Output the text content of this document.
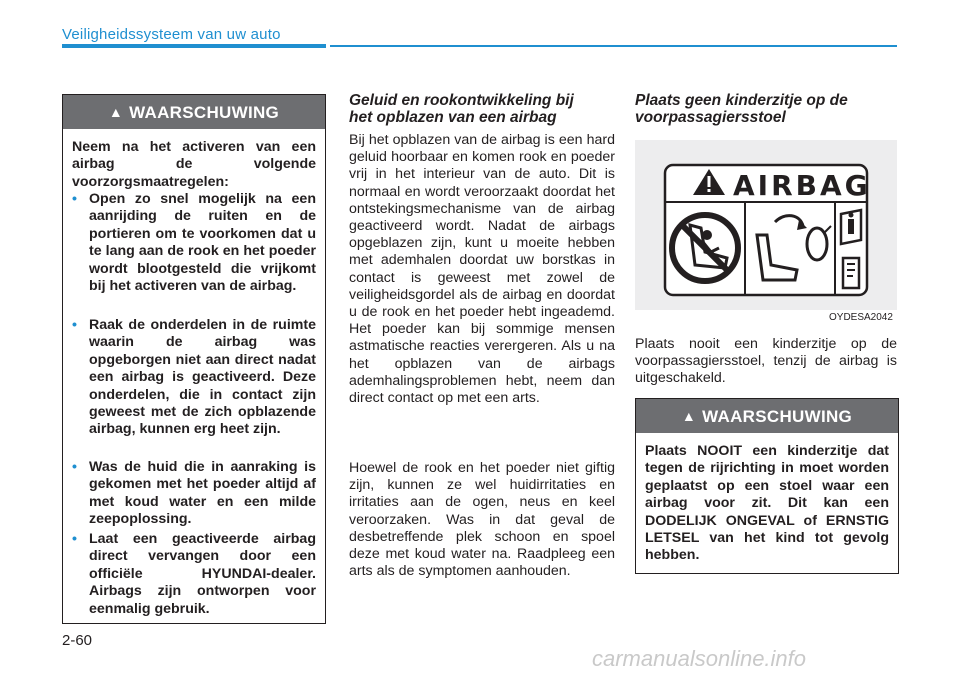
Veiligheidssysteem van uw auto
▲ WAARSCHUWING
Neem na het activeren van een airbag de volgende voorzorgsmaatregelen:
• Open zo snel mogelijk na een aanrijding de ruiten en de portieren om te voorkomen dat u te lang aan de rook en het poeder wordt blootgesteld die vrijkomt bij het activeren van de airbag.
• Raak de onderdelen in de ruimte waarin de airbag was opgeborgen niet aan direct nadat een airbag is geactiveerd. Deze onderdelen, die in contact zijn geweest met de zich opblazende airbag, kunnen erg heet zijn.
• Was de huid die in aanraking is gekomen met het poeder altijd af met koud water en een milde zeepoplossing.
• Laat een geactiveerde airbag direct vervangen door een officiële HYUNDAI-dealer. Airbags zijn ontworpen voor eenmalig gebruik.
Geluid en rookontwikkeling bij het opblazen van een airbag
Bij het opblazen van de airbag is een hard geluid hoorbaar en komen rook en poeder vrij in het interieur van de auto. Dit is normaal en wordt veroorzaakt doordat het ontstekingsmechanisme van de airbag geactiveerd wordt. Nadat de airbags opgeblazen zijn, kunt u moeite hebben met ademhalen doordat uw borstkas in contact is geweest met zowel de veiligheidsgordel als de airbag en doordat u de rook en het poeder hebt ingeademd. Het poeder kan bij sommige mensen astmatische reacties verergeren. Als u na het opblazen van de airbags ademhalingsproblemen hebt, neem dan direct contact op met een arts.
Hoewel de rook en het poeder niet giftig zijn, kunnen ze wel huidirritaties en irritaties aan de ogen, neus en keel veroorzaken. Was in dat geval de desbetreffende plek schoon en spoel deze met koud water na. Raadpleeg een arts als de symptomen aanhouden.
Plaats geen kinderzitje op de voorpassagiersstoel
AIRBAG
OYDESA2042
Plaats nooit een kinderzitje op de voorpassagiersstoel, tenzij de airbag is uitgeschakeld.
▲ WAARSCHUWING
Plaats NOOIT een kinderzitje dat tegen de rijrichting in moet worden geplaatst op een stoel waar een airbag voor zit. Dit kan een DODELIJK ONGEVAL of ERNSTIG LETSEL van het kind tot gevolg hebben.
2-60
carmanualsonline.info
